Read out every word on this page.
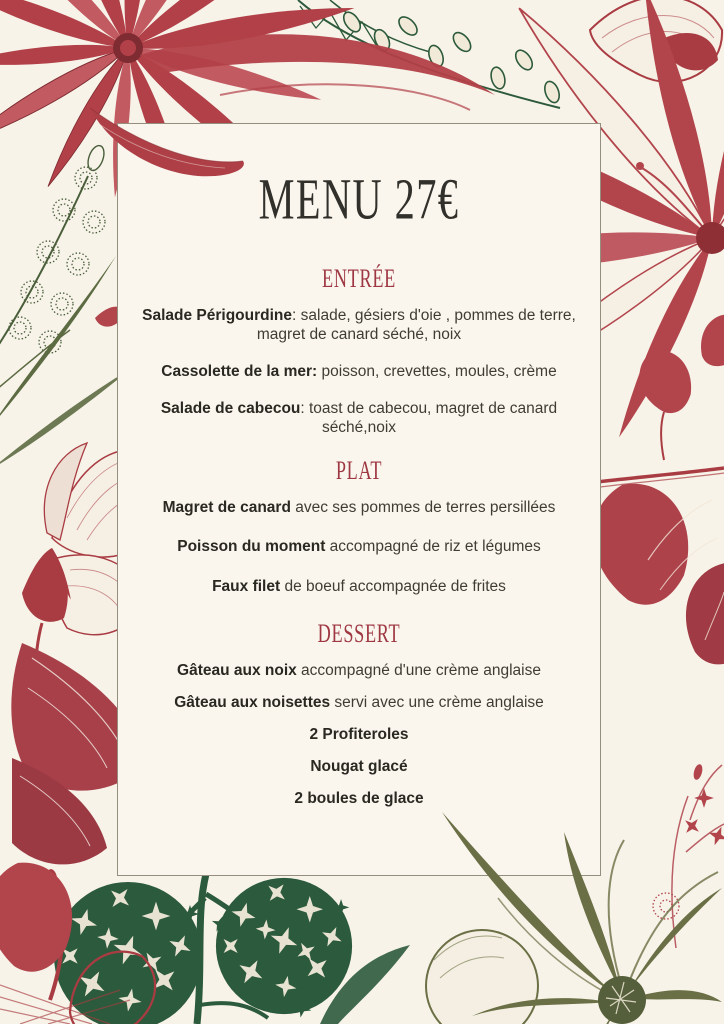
MENU 27€
ENTRÉE

Salade Périgourdine: salade, gésiers d'oie , pommes de terre, magret de canard séché, noix

Cassolette de la mer: poisson, crevettes, moules, crème

Salade de cabecou: toast de cabecou, magret de canard séché,noix

PLAT

Magret de canard avec ses pommes de terres persillées

Poisson du moment accompagné de riz et légumes

Faux filet de boeuf accompagnée de frites

DESSERT

Gâteau aux noix accompagné d'une crème anglaise

Gâteau aux noisettes servi avec une crème anglaise

2 Profiteroles

Nougat glacé

2 boules de glace
